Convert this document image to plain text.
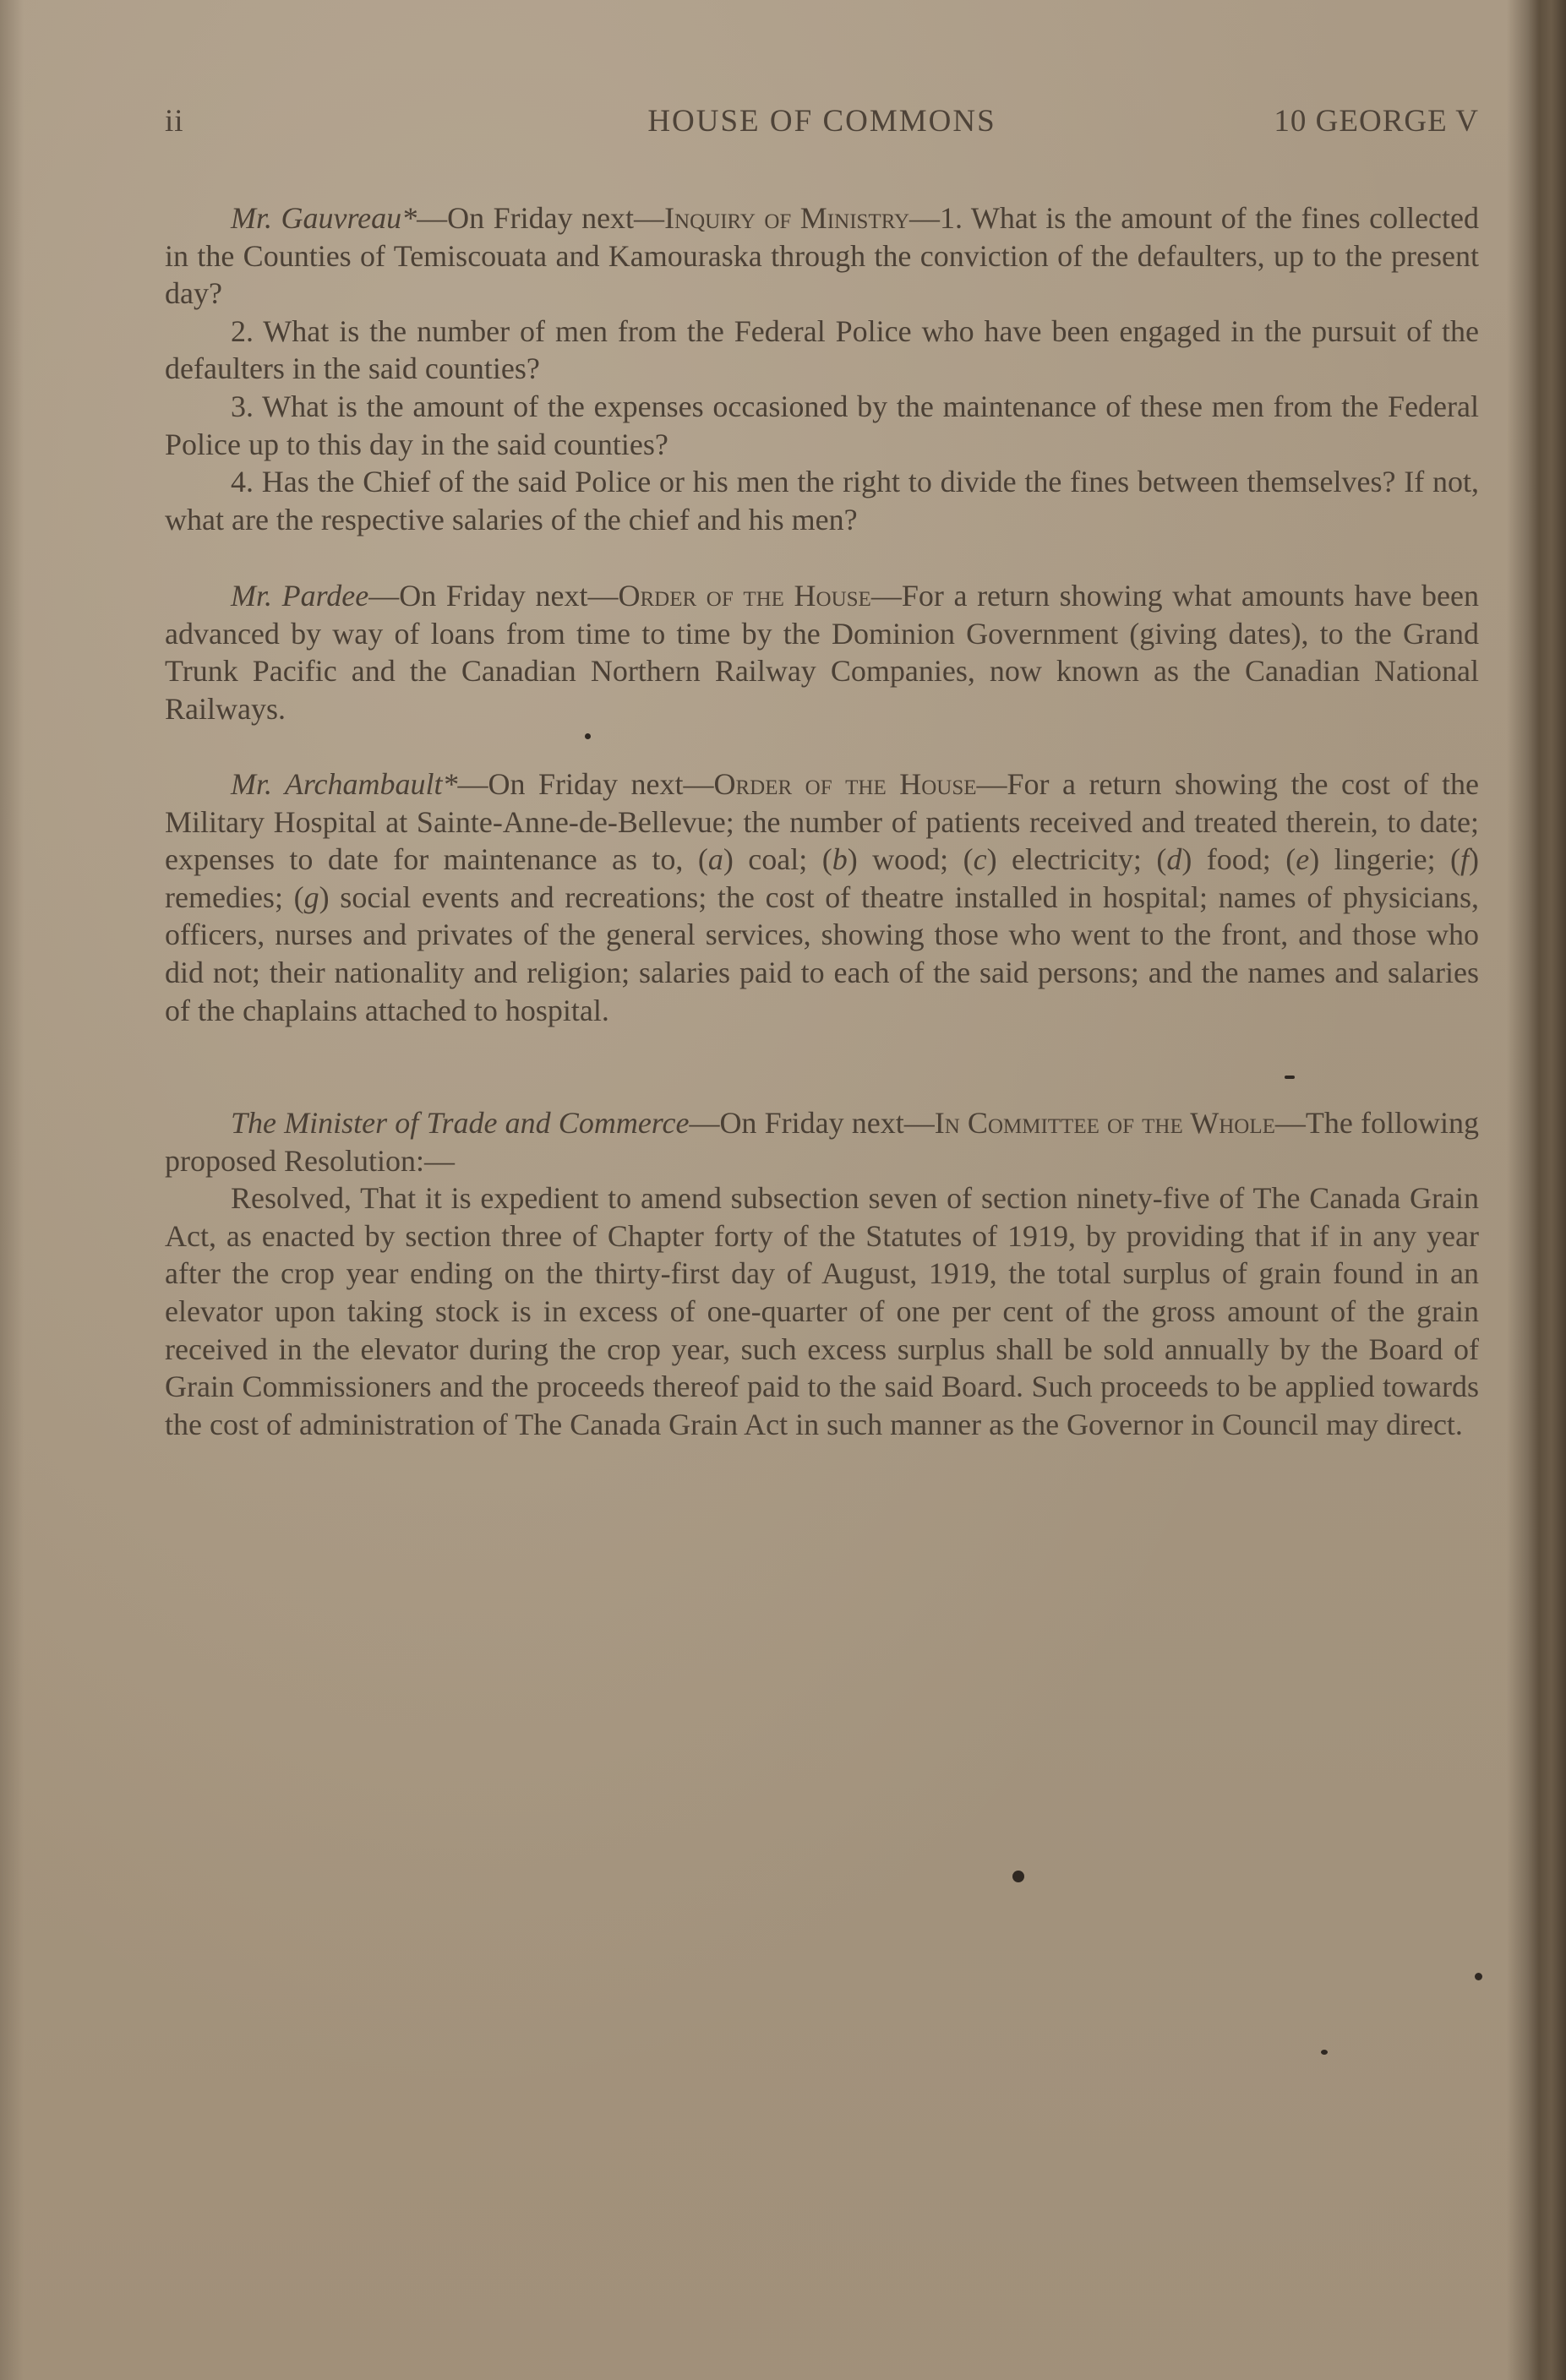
ii	HOUSE OF COMMONS	10 GEORGE V

Mr. Gauvreau*—On Friday next—Inquiry of Ministry—1. What is the amount of the fines collected in the Counties of Temiscouata and Kamouraska through the conviction of the defaulters, up to the present day?

2. What is the number of men from the Federal Police who have been engaged in the pursuit of the defaulters in the said counties?

3. What is the amount of the expenses occasioned by the maintenance of these men from the Federal Police up to this day in the said counties?

4. Has the Chief of the said Police or his men the right to divide the fines between themselves? If not, what are the respective salaries of the chief and his men?

Mr. Pardee—On Friday next—Order of the House—For a return showing what amounts have been advanced by way of loans from time to time by the Dominion Government (giving dates), to the Grand Trunk Pacific and the Canadian Northern Railway Companies, now known as the Canadian National Railways.

Mr. Archambault*—On Friday next—Order of the House—For a return showing the cost of the Military Hospital at Sainte-Anne-de-Bellevue; the number of patients received and treated therein, to date; expenses to date for maintenance as to, (a) coal; (b) wood; (c) electricity; (d) food; (e) lingerie; (f) remedies; (g) social events and recreations; the cost of theatre installed in hospital; names of physicians, officers, nurses and privates of the general services, showing those who went to the front, and those who did not; their nationality and religion; salaries paid to each of the said persons; and the names and salaries of the chaplains attached to hospital.

The Minister of Trade and Commerce—On Friday next—In Committee of the Whole—The following proposed Resolution:—

Resolved, That it is expedient to amend subsection seven of section ninety-five of The Canada Grain Act, as enacted by section three of Chapter forty of the Statutes of 1919, by providing that if in any year after the crop year ending on the thirty-first day of August, 1919, the total surplus of grain found in an elevator upon taking stock is in excess of one-quarter of one per cent of the gross amount of the grain received in the elevator during the crop year, such excess surplus shall be sold annually by the Board of Grain Commissioners and the proceeds thereof paid to the said Board. Such proceeds to be applied towards the cost of administration of The Canada Grain Act in such manner as the Governor in Council may direct.
